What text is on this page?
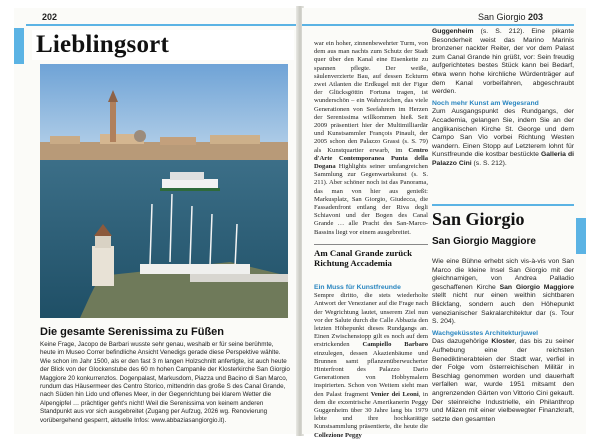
202
Lieblingsort
Die gesamte Serenissima zu Füßen
Keine Frage, Jacopo de Barbari wusste sehr genau, weshalb er für seine berühmte, heute im Museo Correr befindliche Ansicht Venedigs gerade diese Perspektive wählte. Wie schon im Jahr 1500, als er den fast 3 m langen Holzschnitt anfertigte, ist auch heute der Blick von der Glockenstube des 60 m hohen Campanile der Klosterkirche San Giorgio Maggiore 20 konkurrenzlos. Dogenpalast, Markusdom, Piazza und Bacino di San Marco, rundum das Häusermeer des Centro Storico, mittendrin das große S des Canal Grande, nach Süden hin Lido und offenes Meer, in der Gegenrichtung bei klarem Wetter die Alpengipfel … prächtiger geht's nicht! Weil die Serenissima von keinem anderen Standpunkt aus vor sich ausgebreitet (Zugang per Aufzug, 2026 wg. Renovierung vorübergehend gesperrt, aktuelle Infos: www.abbaziasangiorgio.it).
San Giorgio 203
war ein hoher, zinnenbewehrter Turm, von dem aus man nachts zum Schutz der Stadt quer über den Kanal eine Eisenkette zu spannen pflegte. Der weiße, säulenverzierte Bau, auf dessen Eckturm zwei Atlanten die Erdkugel mit der Figur der Glücksgöttin Fortuna tragen, ist wunderschön – ein Wahrzeichen, das viele Generationen von Seefahrern im Herzen der Serenissima willkommen hieß. Seit 2009 präsentiert hier der Multimilliardär und Kunstsammler François Pinault, der 2005 schon den Palazzo Grassi (s. S. 79) als Kunstquartier erwarb, im Centro d'Arte Contemporanea Punta della Dogana Highlights seiner umfangreichen Sammlung zur Gegenwartskunst (s. S. 211). Aber schöner noch ist das Panorama, das man von hier aus genießt: Markusplatz, San Giorgio, Giudecca, die Fassadenfront entlang der Riva degli Schiavoni und der Bogen des Canal Grande … alle Pracht des San-Marco-Bassins liegt vor einem ausgebreitet.
Am Canal Grande zurück Richtung Accademia
Ein Muss für Kunstfreunde
Sempre diritto, die stets wiederholte Antwort der Venezianer auf die Frage nach der Wegrichtung lautet, unserem Ziel nun vor der Salute durch die Calle Abbazia den letzten Höhepunkt dieses Rundgangs an. Einen Zwischenstopp gilt es noch auf dem erstrickenden Campiello Barbaro einzulegen, dessen Akazienbäume und Brunnen samt pflanzenüberwucherter Hinterfront des Palazzo Dario Generationen von Hobbymalern inspirierten. Schon von Weitem sieht man den Palast fragment Venier dei Leoni, in dem die exzentrische Amerikanerin Peggy Guggenheim über 30 Jahre lang bis 1979 lebte und ihre hochkarätige Kunstsammlung präsentierte, die heute die Collezione Peggy
Guggenheim (s. S. 212). Eine pikante Besonderheit weist das Marino Marinis bronzener nackter Reiter, der vor dem Palast zum Canal Grande hin grüßt, vor: Sein freudig aufgerichtetes bestes Stück kann bei Bedarf, etwa wenn hohe kirchliche Würdenträger auf dem Kanal vorbeifahren, abgeschraubt werden.
Noch mehr Kunst am Wegesrand
Zum Ausgangspunkt des Rundgangs, der Accademia, gelangen Sie, indem Sie an der anglikanischen Kirche St. George und dem Campo San Vio vorbei Richtung Westen wandern. Einen Stopp auf Letzterem lohnt für Kunstfreunde die kostbar bestückte Galleria di Palazzo Cini (s. S. 212).
San Giorgio
San Giorgio Maggiore
Wie eine Bühne erhebt sich vis-à-vis von San Marco die kleine Insel San Giorgio mit der gleichnamigen, von Andrea Palladio geschaffenen Kirche San Giorgio Maggiore stellt nicht nur einen weithin sichtbaren Blickfang, sondern auch den Höhepunkt venezianischer Sakralarchitektur dar (s. Tour S. 204).
Wachgeküsstes Architekturjuwel
Das dazugehörige Kloster, das bis zu seiner Aufhebung eine der reichsten Benediktinerabteien der Stadt war, verfiel in der Folge vom österreichischen Militär in Beschlag genommen worden und dauerhaft verfallen war, wurde 1951 mitsamt den angrenzenden Gärten von Vittorio Cini gekauft. Der steinreiche Industrielle, ein Philanthrop und Mäzen mit einer vielbewegter Finanzkraft, setzte den gesamten
